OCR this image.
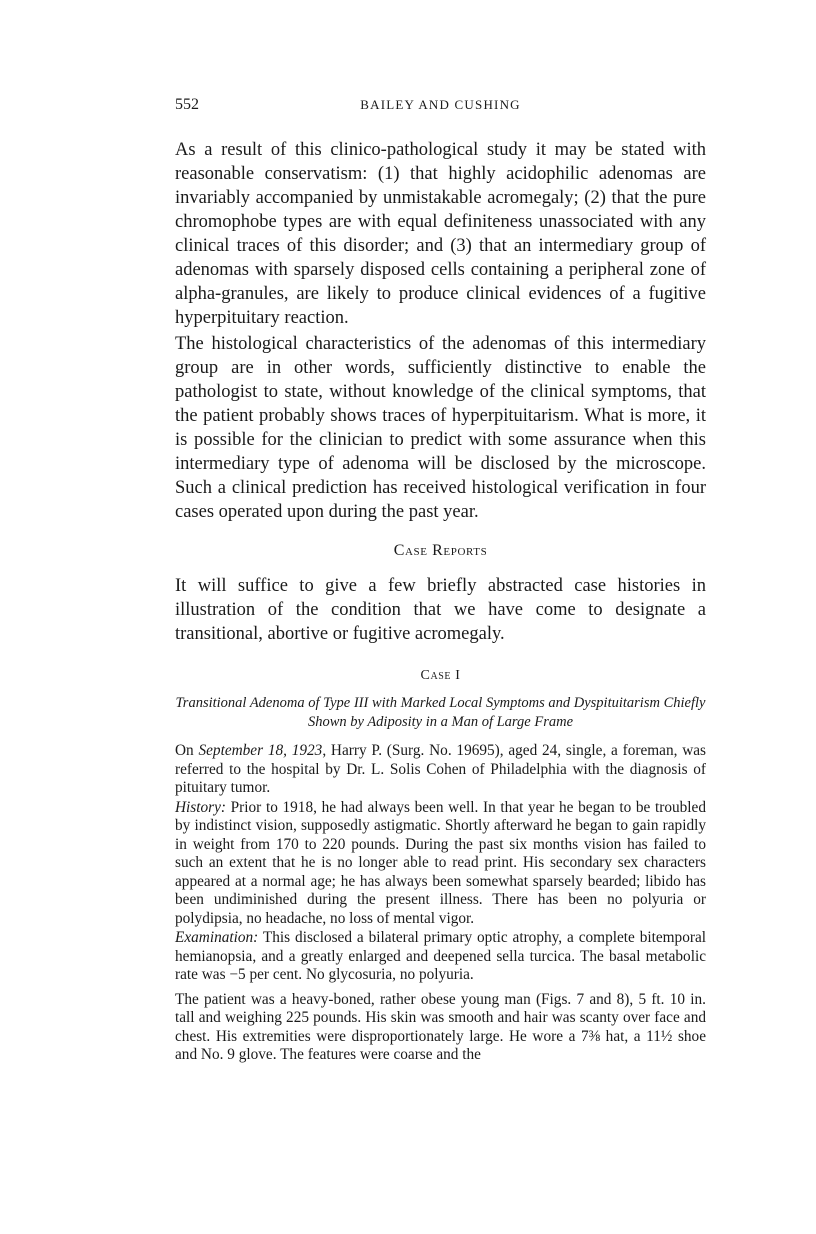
552	BAILEY AND CUSHING

As a result of this clinico-pathological study it may be stated with reasonable conservatism: (1) that highly acidophilic adenomas are invariably accompanied by unmistakable acromegaly; (2) that the pure chromophobe types are with equal definiteness unassociated with any clinical traces of this disorder; and (3) that an intermediary group of adenomas with sparsely disposed cells containing a peripheral zone of alpha-granules, are likely to produce clinical evidences of a fugitive hyperpituitary reaction.

The histological characteristics of the adenomas of this intermediary group are in other words, sufficiently distinctive to enable the pathologist to state, without knowledge of the clinical symptoms, that the patient probably shows traces of hyperpituitarism. What is more, it is possible for the clinician to predict with some assurance when this intermediary type of adenoma will be disclosed by the microscope. Such a clinical prediction has received histological verification in four cases operated upon during the past year.

Case Reports

It will suffice to give a few briefly abstracted case histories in illustration of the condition that we have come to designate a transitional, abortive or fugitive acromegaly.

Case I
Transitional Adenoma of Type III with Marked Local Symptoms and Dyspituitarism Chiefly Shown by Adiposity in a Man of Large Frame

On September 18, 1923, Harry P. (Surg. No. 19695), aged 24, single, a foreman, was referred to the hospital by Dr. L. Solis Cohen of Philadelphia with the diagnosis of pituitary tumor.

History: Prior to 1918, he had always been well. In that year he began to be troubled by indistinct vision, supposedly astigmatic. Shortly afterward he began to gain rapidly in weight from 170 to 220 pounds. During the past six months vision has failed to such an extent that he is no longer able to read print. His secondary sex characters appeared at a normal age; he has always been somewhat sparsely bearded; libido has been undiminished during the present illness. There has been no polyuria or polydipsia, no headache, no loss of mental vigor.

Examination: This disclosed a bilateral primary optic atrophy, a complete bitemporal hemianopsia, and a greatly enlarged and deepened sella turcica. The basal metabolic rate was −5 per cent. No glycosuria, no polyuria.

The patient was a heavy-boned, rather obese young man (Figs. 7 and 8), 5 ft. 10 in. tall and weighing 225 pounds. His skin was smooth and hair was scanty over face and chest. His extremities were disproportionately large. He wore a 7⅜ hat, a 11½ shoe and No. 9 glove. The features were coarse and the
